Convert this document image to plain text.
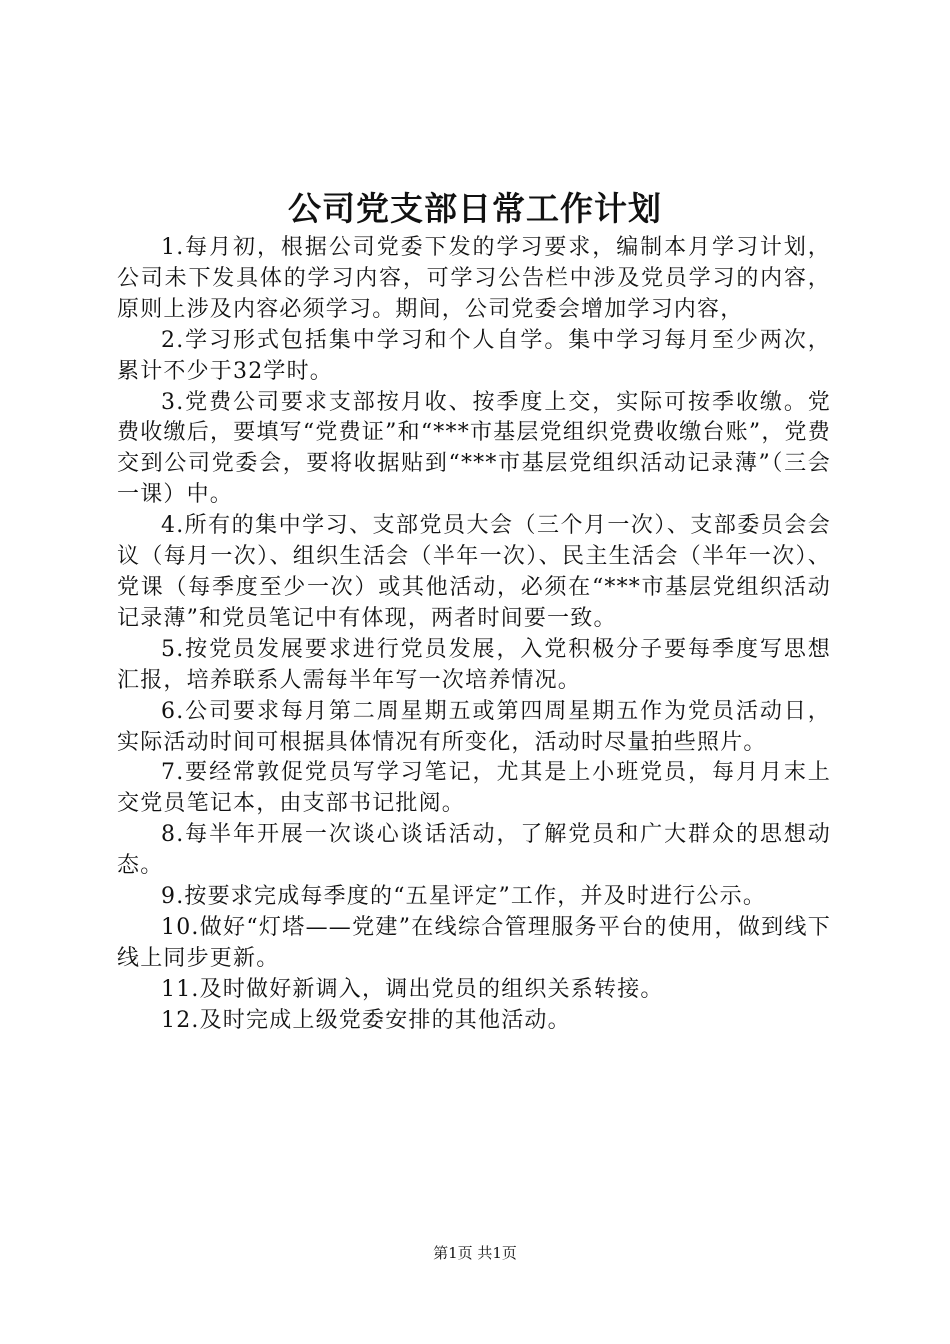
公司党支部日常工作计划

1.每月初，根据公司党委下发的学习要求，编制本月学习计划，公司未下发具体的学习内容，可学习公告栏中涉及党员学习的内容，原则上涉及内容必须学习。期间，公司党委会增加学习内容，

2.学习形式包括集中学习和个人自学。集中学习每月至少两次，累计不少于32学时。

3.党费公司要求支部按月收、按季度上交，实际可按季收缴。党费收缴后，要填写“党费证”和“***市基层党组织党费收缴台账”，党费交到公司党委会，要将收据贴到“***市基层党组织活动记录薄”（三会一课）中。

4.所有的集中学习、支部党员大会（三个月一次）、支部委员会会议（每月一次）、组织生活会（半年一次）、民主生活会（半年一次）、党课（每季度至少一次）或其他活动，必须在“***市基层党组织活动记录薄”和党员笔记中有体现，两者时间要一致。

5.按党员发展要求进行党员发展，入党积极分子要每季度写思想汇报，培养联系人需每半年写一次培养情况。

6.公司要求每月第二周星期五或第四周星期五作为党员活动日，实际活动时间可根据具体情况有所变化，活动时尽量拍些照片。

7.要经常敦促党员写学习笔记，尤其是上小班党员，每月月末上交党员笔记本，由支部书记批阅。

8.每半年开展一次谈心谈话活动，了解党员和广大群众的思想动态。

9.按要求完成每季度的“五星评定”工作，并及时进行公示。

10.做好“灯塔——党建”在线综合管理服务平台的使用，做到线下线上同步更新。

11.及时做好新调入，调出党员的组织关系转接。

12.及时完成上级党委安排的其他活动。

第1页 共1页
